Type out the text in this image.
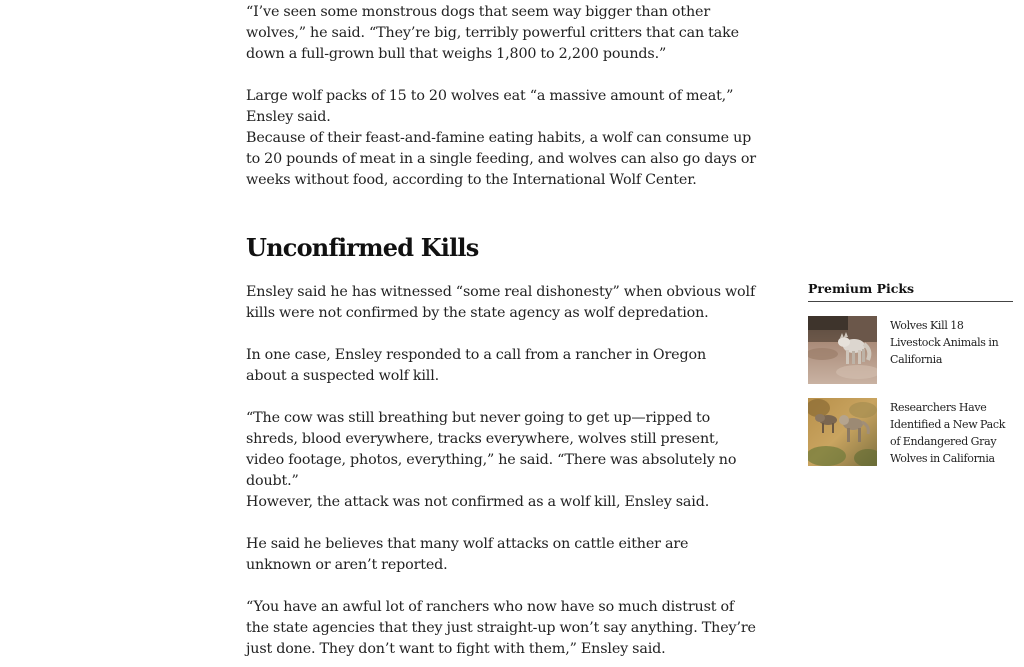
“I’ve seen some monstrous dogs that seem way bigger than other wolves,” he said. “They’re big, terribly powerful critters that can take down a full-grown bull that weighs 1,800 to 2,200 pounds.”

Large wolf packs of 15 to 20 wolves eat “a massive amount of meat,” Ensley said.

Because of their feast-and-famine eating habits, a wolf can consume up to 20 pounds of meat in a single feeding, and wolves can also go days or weeks without food, according to the International Wolf Center.

Unconfirmed Kills

Ensley said he has witnessed “some real dishonesty” when obvious wolf kills were not confirmed by the state agency as wolf depredation.

In one case, Ensley responded to a call from a rancher in Oregon about a suspected wolf kill.

“The cow was still breathing but never going to get up—ripped to shreds, blood everywhere, tracks everywhere, wolves still present, video footage, photos, everything,” he said. “There was absolutely no doubt.”

However, the attack was not confirmed as a wolf kill, Ensley said.

He said he believes that many wolf attacks on cattle either are unknown or aren’t reported.

“You have an awful lot of ranchers who now have so much distrust of the state agencies that they just straight-up won’t say anything. They’re just done. They don’t want to fight with them,” Ensley said.

Premium Picks
Wolves Kill 18 Livestock Animals in California
Researchers Have Identified a New Pack of Endangered Gray Wolves in California
